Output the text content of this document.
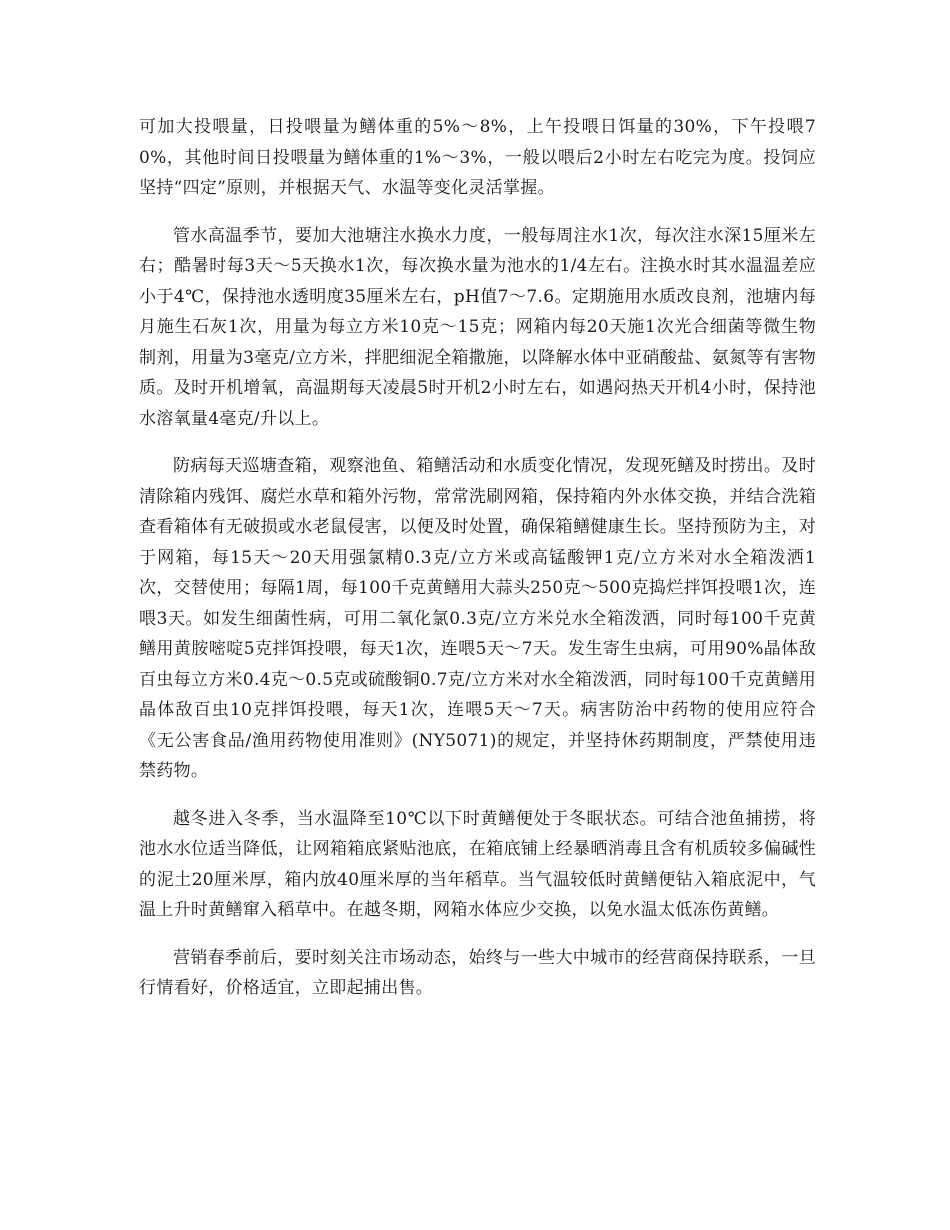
可加大投喂量，日投喂量为鳝体重的5%～8%，上午投喂日饵量的30%，下午投喂70%，其他时间日投喂量为鳝体重的1%～3%，一般以喂后2小时左右吃完为度。投饲应坚持“四定”原则，并根据天气、水温等变化灵活掌握。

管水高温季节，要加大池塘注水换水力度，一般每周注水1次，每次注水深15厘米左右；酷暑时每3天～5天换水1次，每次换水量为池水的1/4左右。注换水时其水温温差应小于4℃，保持池水透明度35厘米左右，pH值7～7.6。定期施用水质改良剂，池塘内每月施生石灰1次，用量为每立方米10克～15克；网箱内每20天施1次光合细菌等微生物制剂，用量为3毫克/立方米，拌肥细泥全箱撒施，以降解水体中亚硝酸盐、氨氮等有害物质。及时开机增氧，高温期每天凌晨5时开机2小时左右，如遇闷热天开机4小时，保持池水溶氧量4毫克/升以上。

防病每天巡塘查箱，观察池鱼、箱鳝活动和水质变化情况，发现死鳝及时捞出。及时清除箱内残饵、腐烂水草和箱外污物，常常洗刷网箱，保持箱内外水体交换，并结合洗箱查看箱体有无破损或水老鼠侵害，以便及时处置，确保箱鳝健康生长。坚持预防为主，对于网箱，每15天～20天用强氯精0.3克/立方米或高锰酸钾1克/立方米对水全箱泼洒1次，交替使用；每隔1周，每100千克黄鳝用大蒜头250克～500克捣烂拌饵投喂1次，连喂3天。如发生细菌性病，可用二氧化氯0.3克/立方米兑水全箱泼洒，同时每100千克黄鳝用黄胺嘧啶5克拌饵投喂，每天1次，连喂5天～7天。发生寄生虫病，可用90%晶体敌百虫每立方米0.4克～0.5克或硫酸铜0.7克/立方米对水全箱泼洒，同时每100千克黄鳝用晶体敌百虫10克拌饵投喂，每天1次，连喂5天～7天。病害防治中药物的使用应符合《无公害食品/渔用药物使用准则》(NY5071)的规定，并坚持休药期制度，严禁使用违禁药物。

越冬进入冬季，当水温降至10℃以下时黄鳝便处于冬眠状态。可结合池鱼捕捞，将池水水位适当降低，让网箱箱底紧贴池底，在箱底铺上经暴晒消毒且含有机质较多偏碱性的泥土20厘米厚，箱内放40厘米厚的当年稻草。当气温较低时黄鳝便钻入箱底泥中，气温上升时黄鳝窜入稻草中。在越冬期，网箱水体应少交换，以免水温太低冻伤黄鳝。

营销春季前后，要时刻关注市场动态，始终与一些大中城市的经营商保持联系，一旦行情看好，价格适宜，立即起捕出售。
